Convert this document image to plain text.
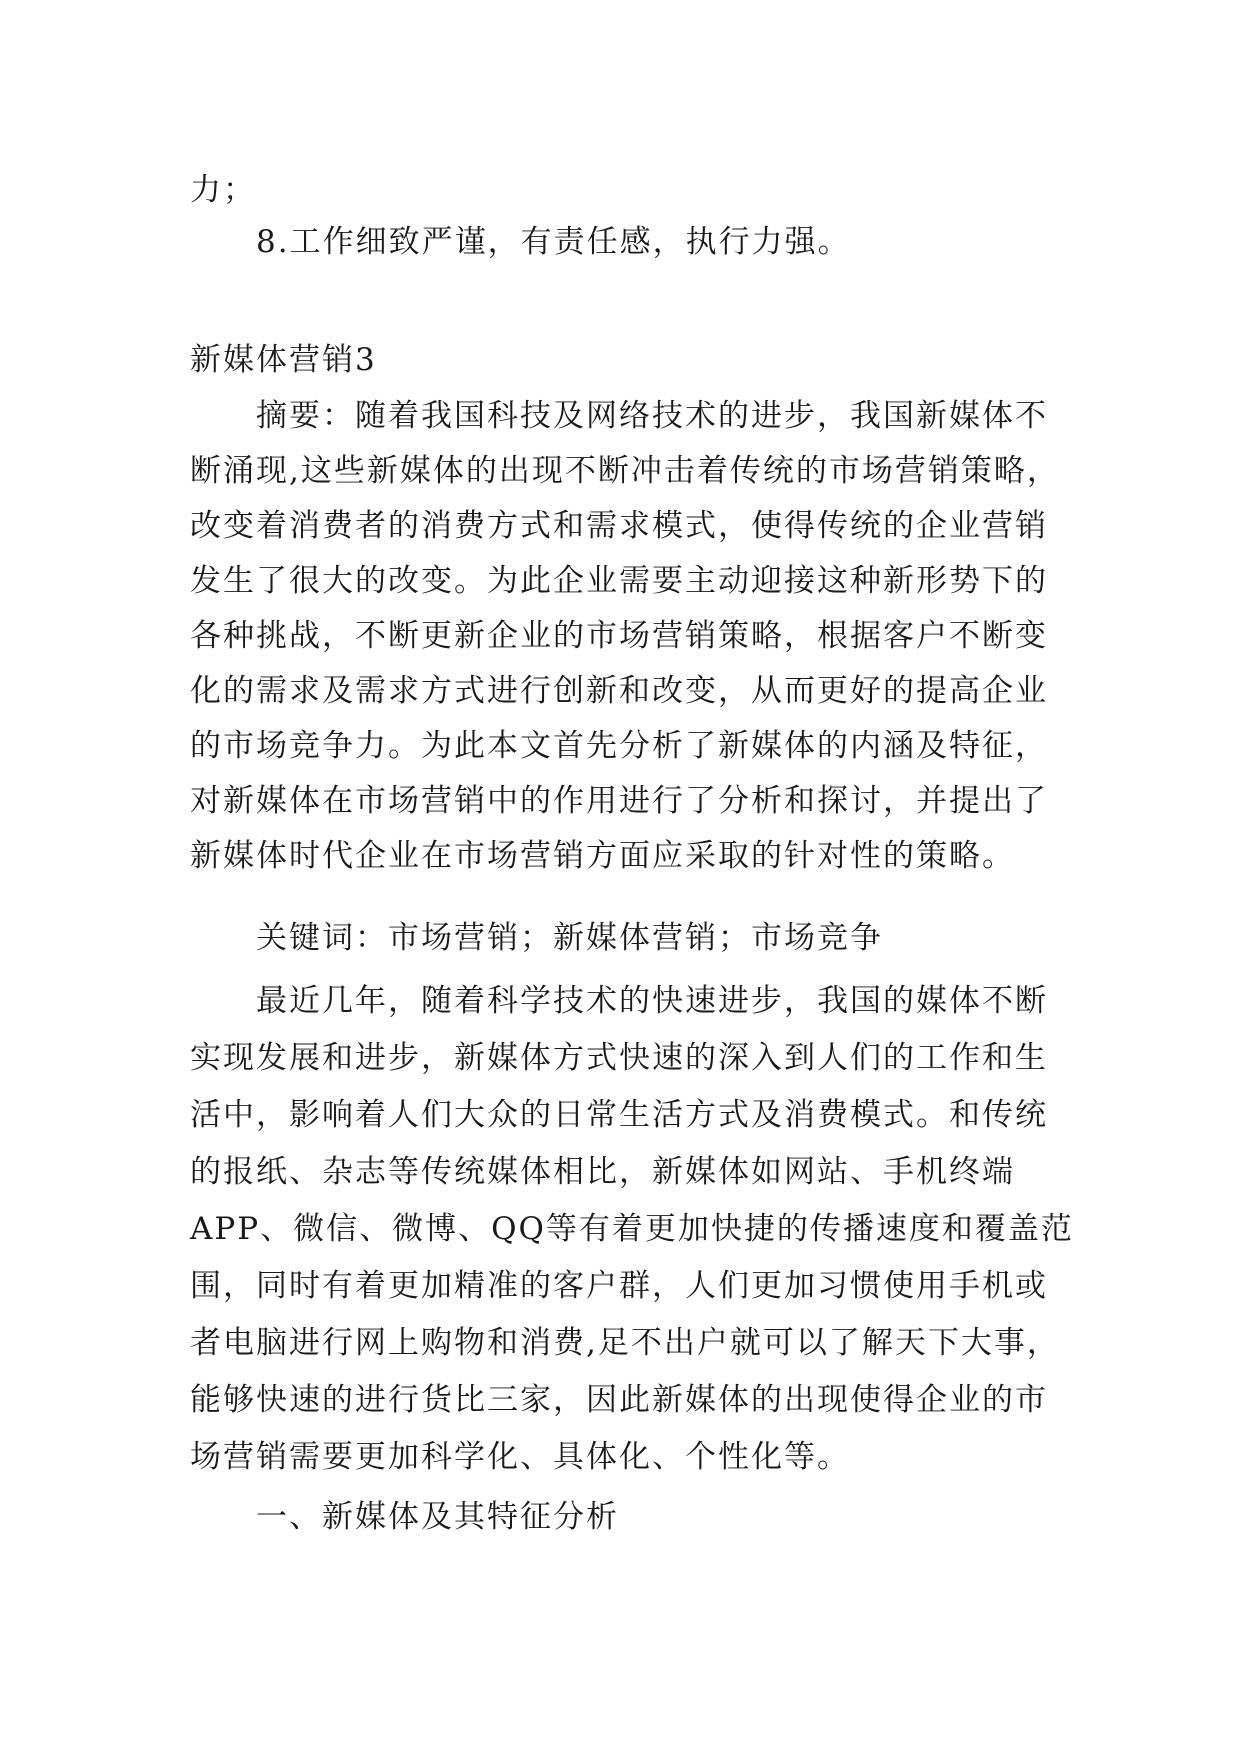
力；
8.工作细致严谨，有责任感，执行力强。
新媒体营销3
摘要：随着我国科技及网络技术的进步，我国新媒体不
断涌现,这些新媒体的出现不断冲击着传统的市场营销策略，
改变着消费者的消费方式和需求模式，使得传统的企业营销
发生了很大的改变。为此企业需要主动迎接这种新形势下的
各种挑战，不断更新企业的市场营销策略，根据客户不断变
化的需求及需求方式进行创新和改变，从而更好的提高企业
的市场竞争力。为此本文首先分析了新媒体的内涵及特征，
对新媒体在市场营销中的作用进行了分析和探讨，并提出了
新媒体时代企业在市场营销方面应采取的针对性的策略。
关键词：市场营销；新媒体营销；市场竞争
最近几年，随着科学技术的快速进步，我国的媒体不断
实现发展和进步，新媒体方式快速的深入到人们的工作和生
活中，影响着人们大众的日常生活方式及消费模式。和传统
的报纸、杂志等传统媒体相比，新媒体如网站、手机终端
APP、微信、微博、QQ等有着更加快捷的传播速度和覆盖范
围，同时有着更加精准的客户群，人们更加习惯使用手机或
者电脑进行网上购物和消费,足不出户就可以了解天下大事，
能够快速的进行货比三家，因此新媒体的出现使得企业的市
场营销需要更加科学化、具体化、个性化等。
一、新媒体及其特征分析
